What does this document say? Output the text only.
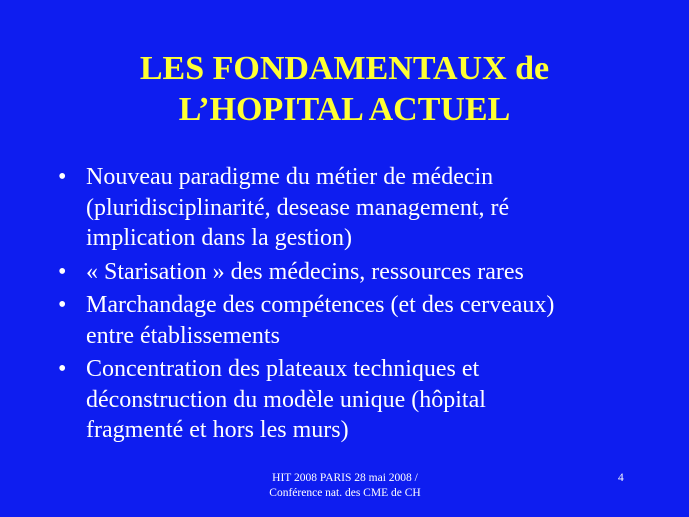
LES FONDAMENTAUX de
L’HOPITAL ACTUEL
• Nouveau paradigme du métier de médecin
(pluridisciplinarité, desease management, ré
implication dans la gestion)
• « Starisation » des médecins, ressources rares
• Marchandage des compétences (et des cerveaux)
entre établissements
• Concentration des plateaux techniques et
déconstruction du modèle unique (hôpital
fragmenté et hors les murs)
HIT 2008 PARIS 28 mai 2008 /
Conférence nat. des CME de CH
4
